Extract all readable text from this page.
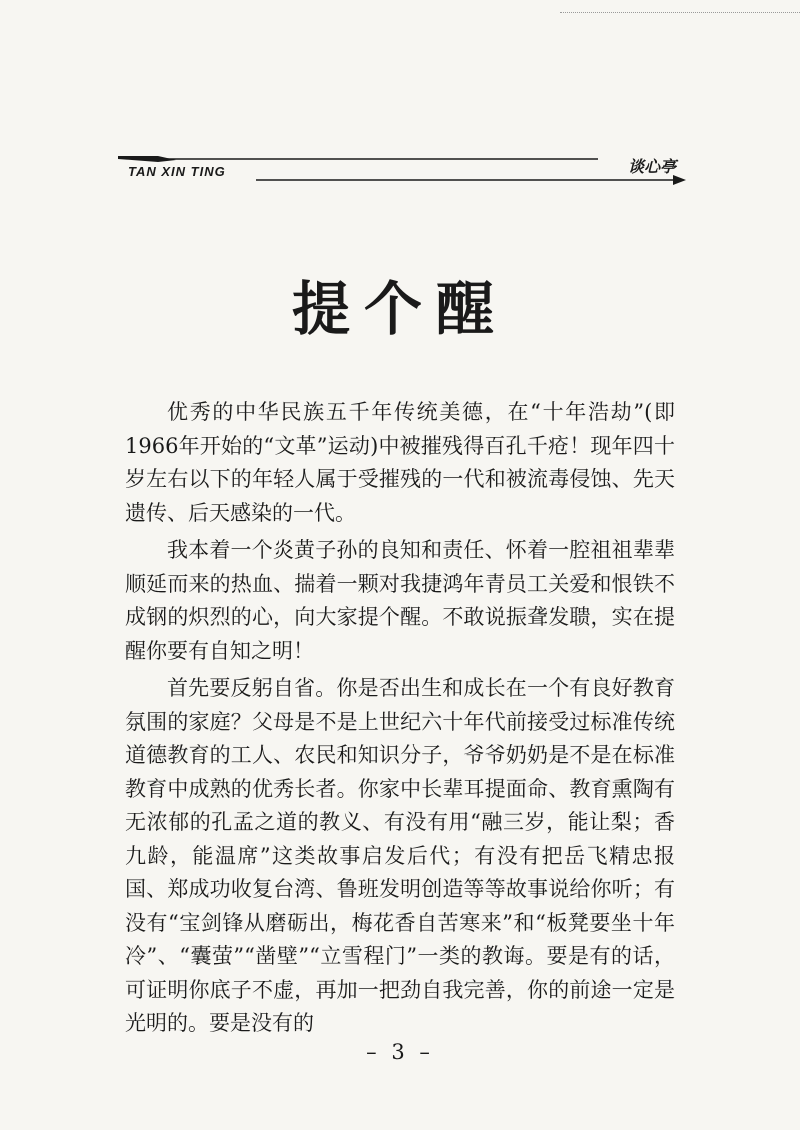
TAN XIN TING	谈心亭
提个醒

优秀的中华民族五千年传统美德，在“十年浩劫”(即1966年开始的“文革”运动)中被摧残得百孔千疮！现年四十岁左右以下的年轻人属于受摧残的一代和被流毒侵蚀、先天遗传、后天感染的一代。

我本着一个炎黄子孙的良知和责任、怀着一腔祖祖辈辈顺延而来的热血、揣着一颗对我捷鸿年青员工关爱和恨铁不成钢的炽烈的心，向大家提个醒。不敢说振聋发聩，实在提醒你要有自知之明！

首先要反躬自省。你是否出生和成长在一个有良好教育氛围的家庭？父母是不是上世纪六十年代前接受过标准传统道德教育的工人、农民和知识分子，爷爷奶奶是不是在标准教育中成熟的优秀长者。你家中长辈耳提面命、教育熏陶有无浓郁的孔孟之道的教义、有没有用“融三岁，能让梨；香九龄，能温席”这类故事启发后代；有没有把岳飞精忠报国、郑成功收复台湾、鲁班发明创造等等故事说给你听；有没有“宝剑锋从磨砺出，梅花香自苦寒来”和“板凳要坐十年冷”、“囊萤”“凿壁”“立雪程门”一类的教诲。要是有的话，可证明你底子不虚，再加一把劲自我完善，你的前途一定是光明的。要是没有的

– 3 –
